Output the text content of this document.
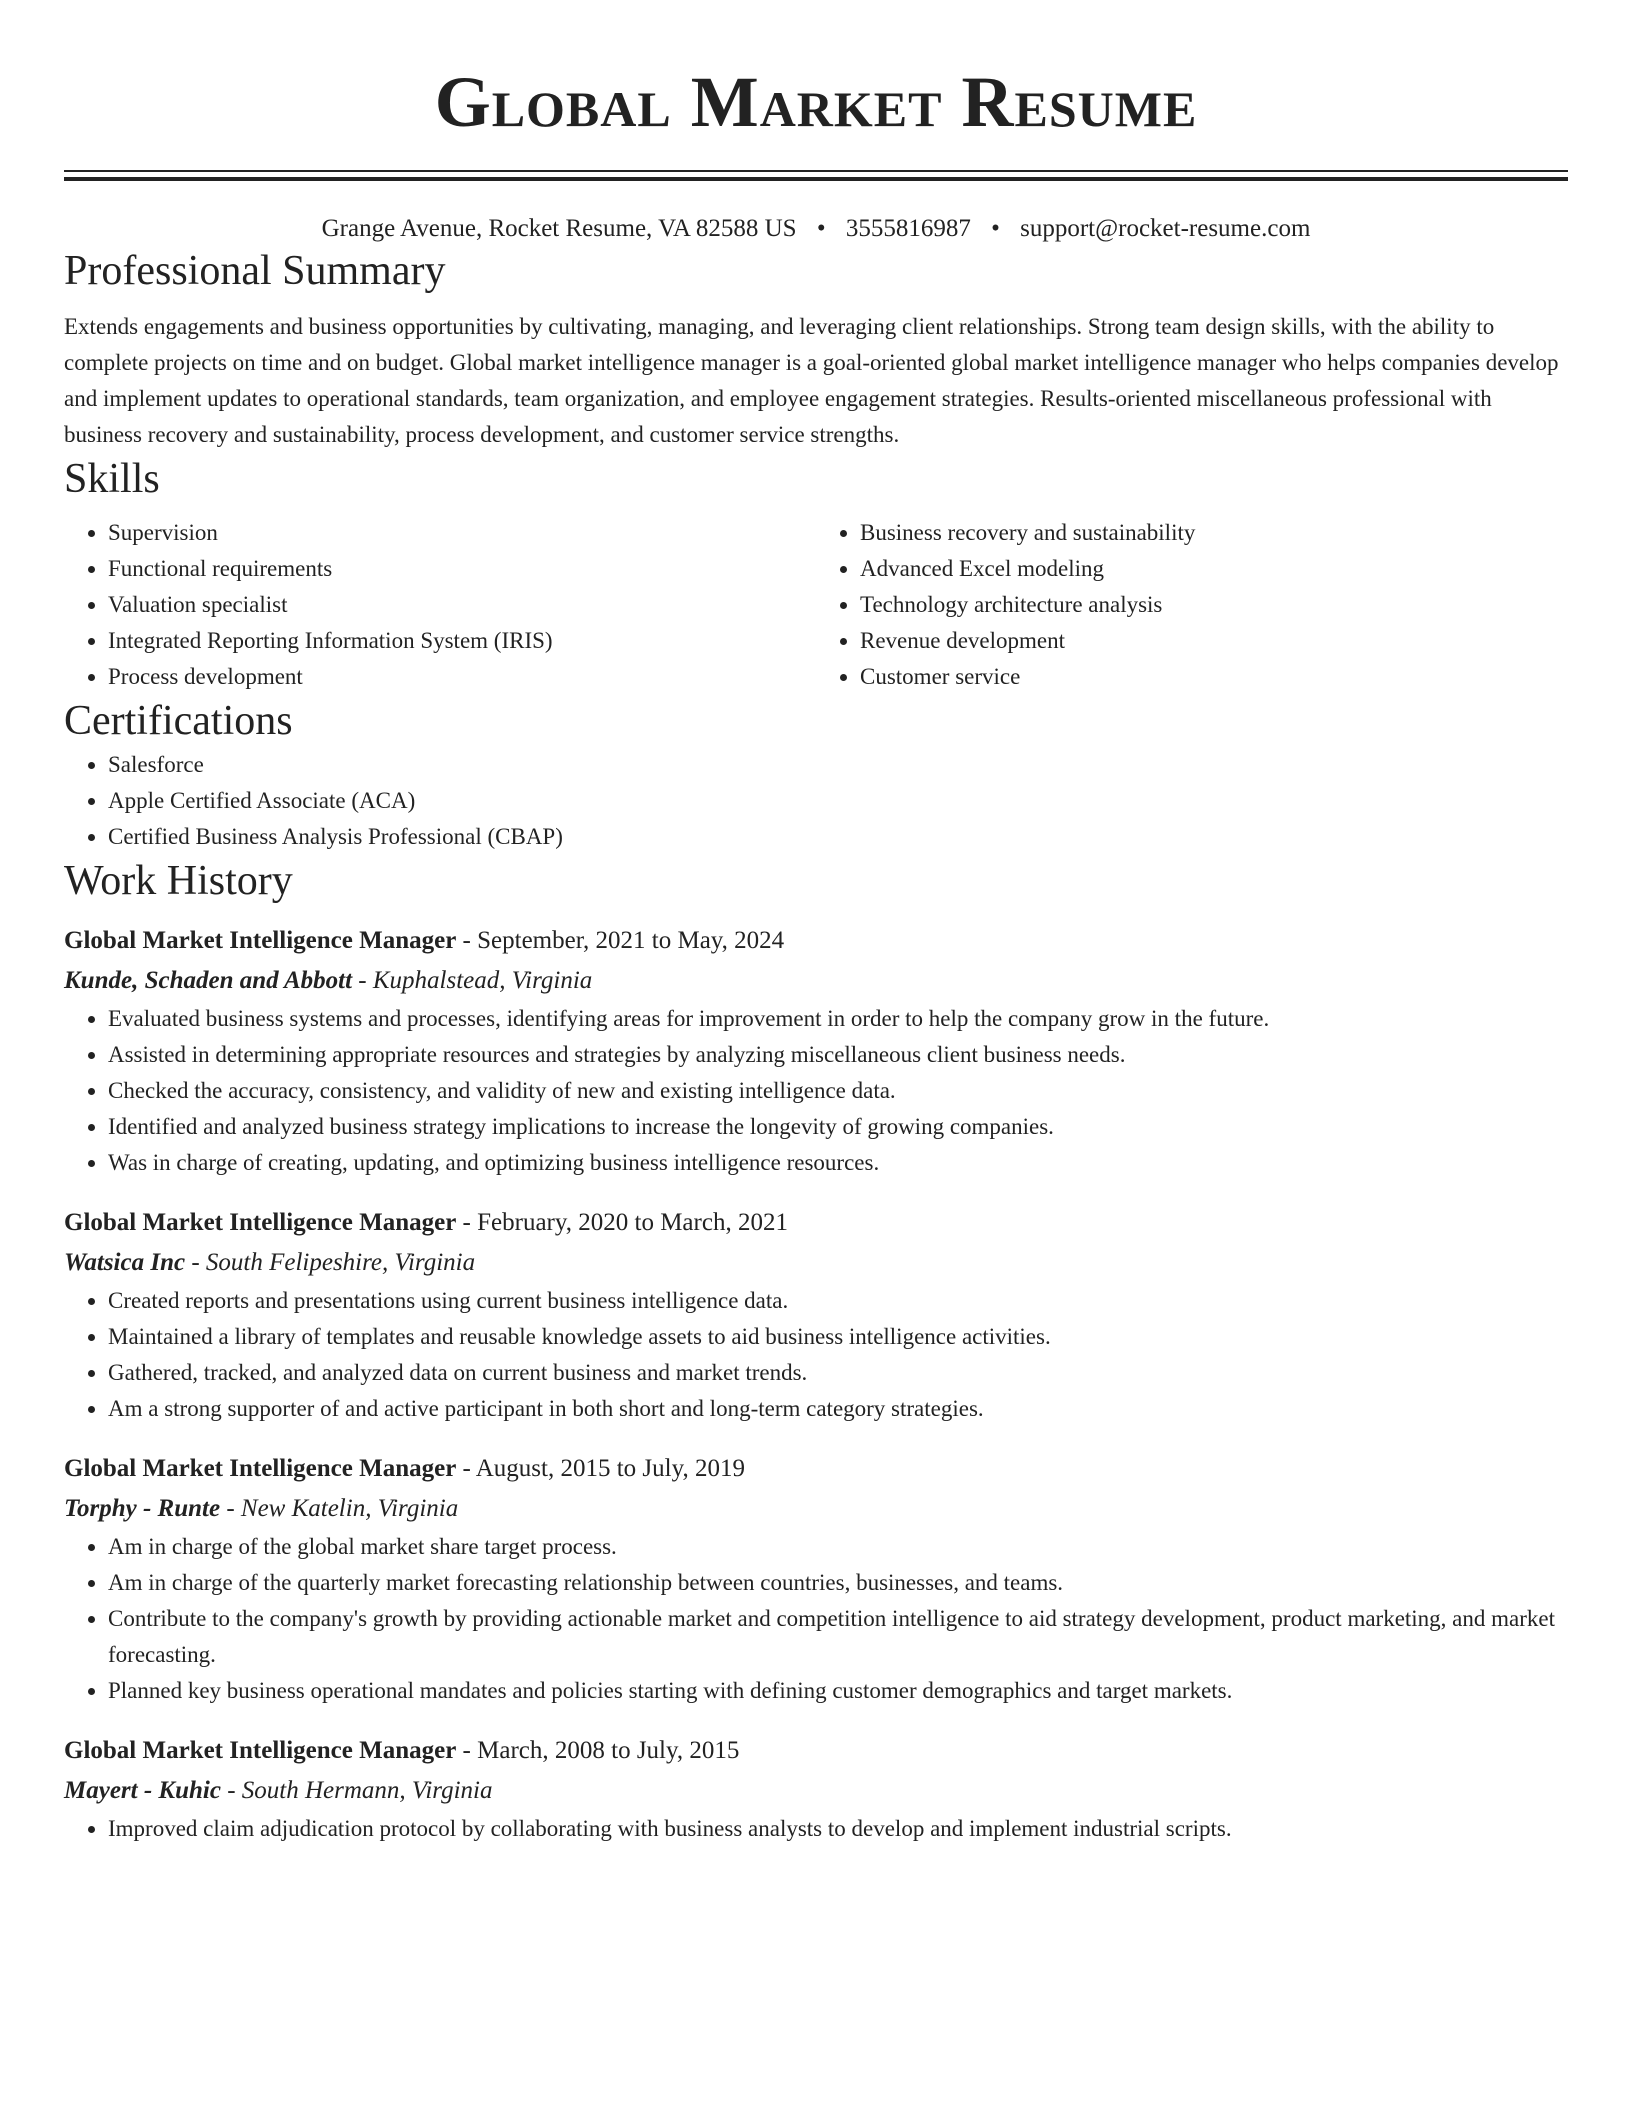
Global Market Resume
Grange Avenue, Rocket Resume, VA 82588 US • 3555816987 • support@rocket-resume.com
Professional Summary

Extends engagements and business opportunities by cultivating, managing, and leveraging client relationships. Strong team design skills, with the ability to complete projects on time and on budget. Global market intelligence manager is a goal-oriented global market intelligence manager who helps companies develop and implement updates to operational standards, team organization, and employee engagement strategies. Results-oriented miscellaneous professional with business recovery and sustainability, process development, and customer service strengths.

Skills
• Supervision
• Functional requirements
• Valuation specialist
• Integrated Reporting Information System (IRIS)
• Process development
• Business recovery and sustainability
• Advanced Excel modeling
• Technology architecture analysis
• Revenue development
• Customer service
Certifications
• Salesforce
• Apple Certified Associate (ACA)
• Certified Business Analysis Professional (CBAP)
Work History
Global Market Intelligence Manager - September, 2021 to May, 2024
Kunde, Schaden and Abbott - Kuphalstead, Virginia
• Evaluated business systems and processes, identifying areas for improvement in order to help the company grow in the future.
• Assisted in determining appropriate resources and strategies by analyzing miscellaneous client business needs.
• Checked the accuracy, consistency, and validity of new and existing intelligence data.
• Identified and analyzed business strategy implications to increase the longevity of growing companies.
• Was in charge of creating, updating, and optimizing business intelligence resources.
Global Market Intelligence Manager - February, 2020 to March, 2021
Watsica Inc - South Felipeshire, Virginia
• Created reports and presentations using current business intelligence data.
• Maintained a library of templates and reusable knowledge assets to aid business intelligence activities.
• Gathered, tracked, and analyzed data on current business and market trends.
• Am a strong supporter of and active participant in both short and long-term category strategies.
Global Market Intelligence Manager - August, 2015 to July, 2019
Torphy - Runte - New Katelin, Virginia
• Am in charge of the global market share target process.
• Am in charge of the quarterly market forecasting relationship between countries, businesses, and teams.
• Contribute to the company's growth by providing actionable market and competition intelligence to aid strategy development, product marketing, and market forecasting.
• Planned key business operational mandates and policies starting with defining customer demographics and target markets.
Global Market Intelligence Manager - March, 2008 to July, 2015
Mayert - Kuhic - South Hermann, Virginia
• Improved claim adjudication protocol by collaborating with business analysts to develop and implement industrial scripts.
